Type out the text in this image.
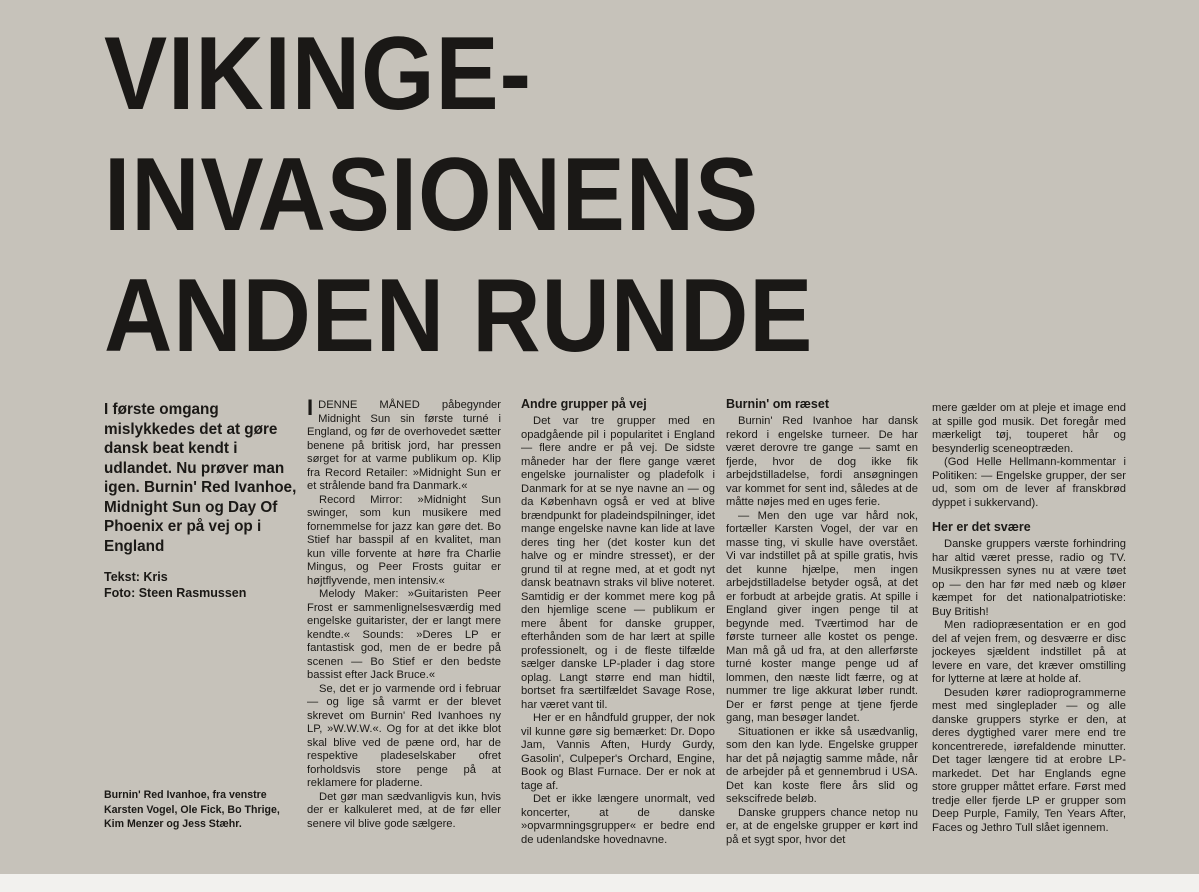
VIKINGE-
INVASIONENS
ANDEN RUNDE
I første omgang mislykkedes det at gøre dansk beat kendt i udlandet. Nu prøver man igen. Burnin' Red Ivanhoe, Midnight Sun og Day Of Phoenix er på vej op i England
Tekst: Kris
Foto: Steen Rasmussen
Burnin' Red Ivanhoe, fra venstre Karsten Vogel, Ole Fick, Bo Thrige, Kim Menzer og Jess Stæhr.

IDENNE MÅNED påbegynder Midnight Sun sin første turné i England, og før de overhovedet sætter benene på britisk jord, har pressen sørget for at varme publikum op. Klip fra Record Retailer: »Midnight Sun er et strålende band fra Danmark.«

Record Mirror: »Midnight Sun swinger, som kun musikere med fornemmelse for jazz kan gøre det. Bo Stief har basspil af en kvalitet, man kun ville forvente at høre fra Charlie Mingus, og Peer Frosts guitar er højtflyvende, men intensiv.«

Melody Maker: »Guitaristen Peer Frost er sammenlignelsesværdig med engelske guitarister, der er langt mere kendte.« Sounds: »Deres LP er fantastisk god, men de er bedre på scenen — Bo Stief er den bedste bassist efter Jack Bruce.«

Se, det er jo varmende ord i februar — og lige så varmt er der blevet skrevet om Burnin' Red Ivanhoes ny LP, »W.W.W.«. Og for at det ikke blot skal blive ved de pæne ord, har de respektive pladeselskaber ofret forholdsvis store penge på at reklamere for pladerne.

Det gør man sædvanligvis kun, hvis der er kalkuleret med, at de før eller senere vil blive gode sælgere.

Andre grupper på vej

Det var tre grupper med en opadgående pil i popularitet i England — flere andre er på vej. De sidste måneder har der flere gange været engelske journalister og pladefolk i Danmark for at se nye navne an — og da København også er ved at blive brændpunkt for pladeindspilninger, idet mange engelske navne kan lide at lave deres ting her (det koster kun det halve og er mindre stresset), er der grund til at regne med, at et godt nyt dansk beatnavn straks vil blive noteret. Samtidig er der kommet mere kog på den hjemlige scene — publikum er mere åbent for danske grupper, efterhånden som de har lært at spille professionelt, og i de fleste tilfælde sælger danske LP-plader i dag store oplag. Langt større end man hidtil, bortset fra særtilfældet Savage Rose, har været vant til.

Her er en håndfuld grupper, der nok vil kunne gøre sig bemærket: Dr. Dopo Jam, Vannis Aften, Hurdy Gurdy, Gasolin', Culpeper's Orchard, Engine, Book og Blast Furnace. Der er nok at tage af.

Det er ikke længere unormalt, ved koncerter, at de danske »opvarmningsgrupper« er bedre end de udenlandske hovednavne.

Burnin' om ræset

Burnin' Red Ivanhoe har dansk rekord i engelske turneer. De har været derovre tre gange — samt en fjerde, hvor de dog ikke fik arbejdstilladelse, fordi ansøgningen var kommet for sent ind, således at de måtte nøjes med en uges ferie.

— Men den uge var hård nok, fortæller Karsten Vogel, der var en masse ting, vi skulle have overstået. Vi var indstillet på at spille gratis, hvis det kunne hjælpe, men ingen arbejdstilladelse betyder også, at det er forbudt at arbejde gratis. At spille i England giver ingen penge til at begynde med. Tværtimod har de første turneer alle kostet os penge. Man må gå ud fra, at den allerførste turné koster mange penge ud af lommen, den næste lidt færre, og at nummer tre lige akkurat løber rundt. Der er først penge at tjene fjerde gang, man besøger landet.

Situationen er ikke så usædvanlig, som den kan lyde. Engelske grupper har det på nøjagtig samme måde, når de arbejder på et gennembrud i USA. Det kan koste flere års slid og sekscifrede beløb.

Danske gruppers chance netop nu er, at de engelske grupper er kørt ind på et sygt spor, hvor det

mere gælder om at pleje et image end at spille god musik. Det foregår med mærkeligt tøj, touperet hår og besynderlig sceneoptræden.

(God Helle Hellmann-kommentar i Politiken: — Engelske grupper, der ser ud, som om de lever af franskbrød dyppet i sukkervand).

Her er det svære

Danske gruppers værste forhindring har altid været presse, radio og TV. Musikpressen synes nu at være tøet op — den har før med næb og kløer kæmpet for det nationalpatriotiske: Buy British!

Men radiopræsentation er en god del af vejen frem, og desværre er disc jockeyes sjældent indstillet på at levere en vare, det kræver omstilling for lytterne at lære at holde af.

Desuden kører radioprogrammerne mest med singleplader — og alle danske gruppers styrke er den, at deres dygtighed varer mere end tre koncentrerede, iørefaldende minutter. Det tager længere tid at erobre LP-markedet. Det har Englands egne store grupper måttet erfare. Først med tredje eller fjerde LP er grupper som Deep Purple, Family, Ten Years After, Faces og Jethro Tull slået igennem.
